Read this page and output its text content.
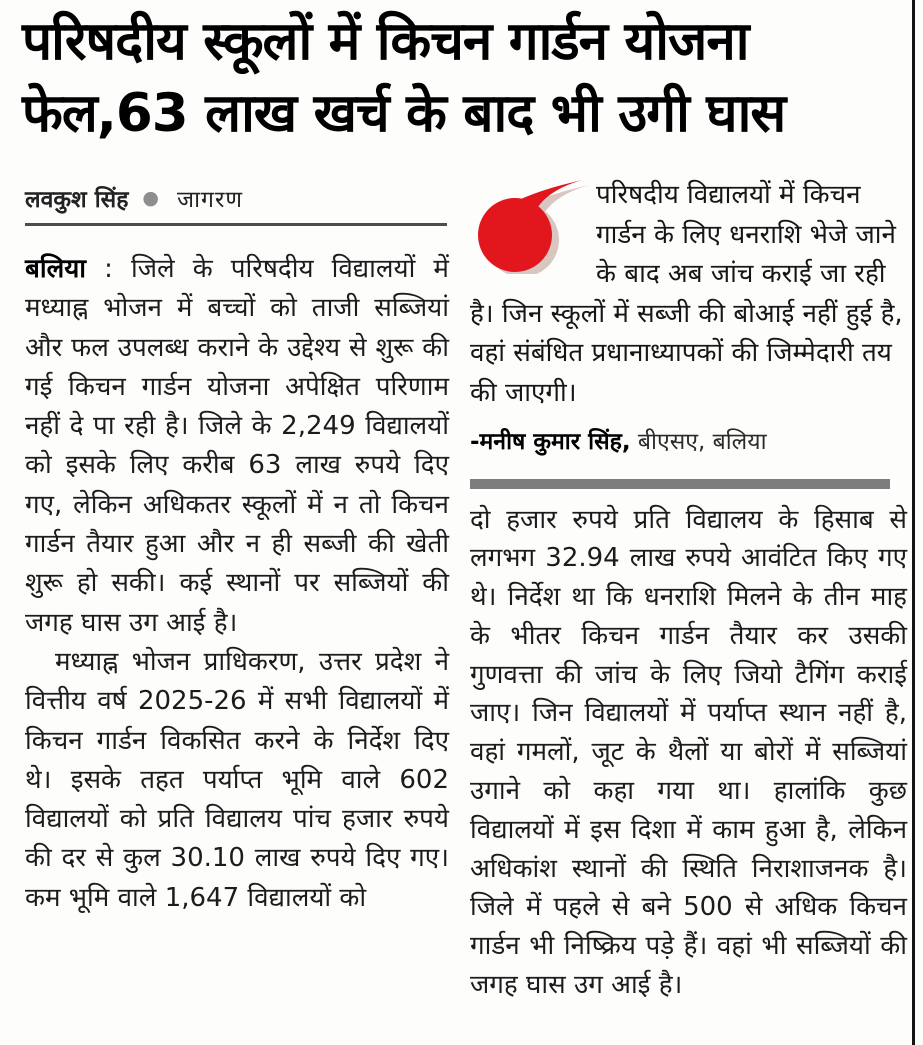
परिषदीय स्कूलों में किचन गार्डन योजना
फेल,63 लाख खर्च के बाद भी उगी घास
लवकुश सिंह ● जागरण

बलिया : जिले के परिषदीय विद्यालयों में मध्याह्न भोजन में बच्चों को ताजी सब्जियां और फल उपलब्ध कराने के उद्देश्य से शुरू की गई किचन गार्डन योजना अपेक्षित परिणाम नहीं दे पा रही है। जिले के 2,249 विद्यालयों को इसके लिए करीब 63 लाख रुपये दिए गए, लेकिन अधिकतर स्कूलों में न तो किचन गार्डन तैयार हुआ और न ही सब्जी की खेती शुरू हो सकी। कई स्थानों पर सब्जियों की जगह घास उग आई है।

मध्याह्न भोजन प्राधिकरण, उत्तर प्रदेश ने वित्तीय वर्ष 2025-26 में सभी विद्यालयों में किचन गार्डन विकसित करने के निर्देश दिए थे। इसके तहत पर्याप्त भूमि वाले 602 विद्यालयों को प्रति विद्यालय पांच हजार रुपये की दर से कुल 30.10 लाख रुपये दिए गए। कम भूमि वाले 1,647 विद्यालयों को

परिषदीय विद्यालयों में किचन गार्डन के लिए धनराशि भेजे जाने के बाद अब जांच कराई जा रही है। जिन स्कूलों में सब्जी की बोआई नहीं हुई है, वहां संबंधित प्रधानाध्यापकों की जिम्मेदारी तय की जाएगी।
-मनीष कुमार सिंह, बीएसए, बलिया

दो हजार रुपये प्रति विद्यालय के हिसाब से लगभग 32.94 लाख रुपये आवंटित किए गए थे। निर्देश था कि धनराशि मिलने के तीन माह के भीतर किचन गार्डन तैयार कर उसकी गुणवत्ता की जांच के लिए जियो टैगिंग कराई जाए। जिन विद्यालयों में पर्याप्त स्थान नहीं है, वहां गमलों, जूट के थैलों या बोरों में सब्जियां उगाने को कहा गया था। हालांकि कुछ विद्यालयों में इस दिशा में काम हुआ है, लेकिन अधिकांश स्थानों की स्थिति निराशाजनक है। जिले में पहले से बने 500 से अधिक किचन गार्डन भी निष्क्रिय पड़े हैं। वहां भी सब्जियों की जगह घास उग आई है।
